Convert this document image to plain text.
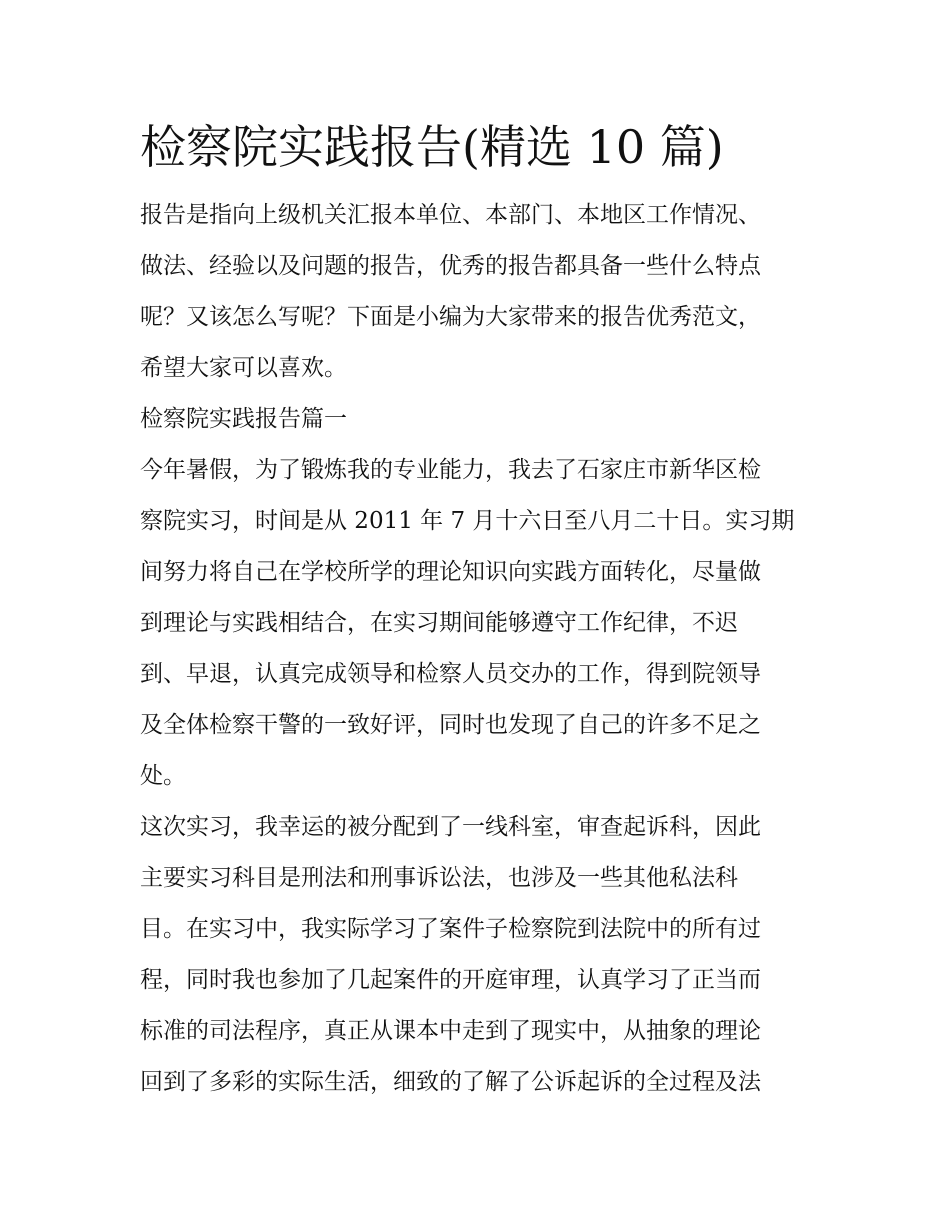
检察院实践报告(精选 10 篇)
报告是指向上级机关汇报本单位、本部门、本地区工作情况、
做法、经验以及问题的报告，优秀的报告都具备一些什么特点
呢？又该怎么写呢？下面是小编为大家带来的报告优秀范文，
希望大家可以喜欢。
检察院实践报告篇一
今年暑假，为了锻炼我的专业能力，我去了石家庄市新华区检
察院实习，时间是从 2011 年 7 月十六日至八月二十日。实习期
间努力将自己在学校所学的理论知识向实践方面转化，尽量做
到理论与实践相结合，在实习期间能够遵守工作纪律，不迟
到、早退，认真完成领导和检察人员交办的工作，得到院领导
及全体检察干警的一致好评，同时也发现了自己的许多不足之
处。
这次实习，我幸运的被分配到了一线科室，审查起诉科，因此
主要实习科目是刑法和刑事诉讼法，也涉及一些其他私法科
目。在实习中，我实际学习了案件子检察院到法院中的所有过
程，同时我也参加了几起案件的开庭审理，认真学习了正当而
标准的司法程序，真正从课本中走到了现实中，从抽象的理论
回到了多彩的实际生活，细致的了解了公诉起诉的全过程及法
